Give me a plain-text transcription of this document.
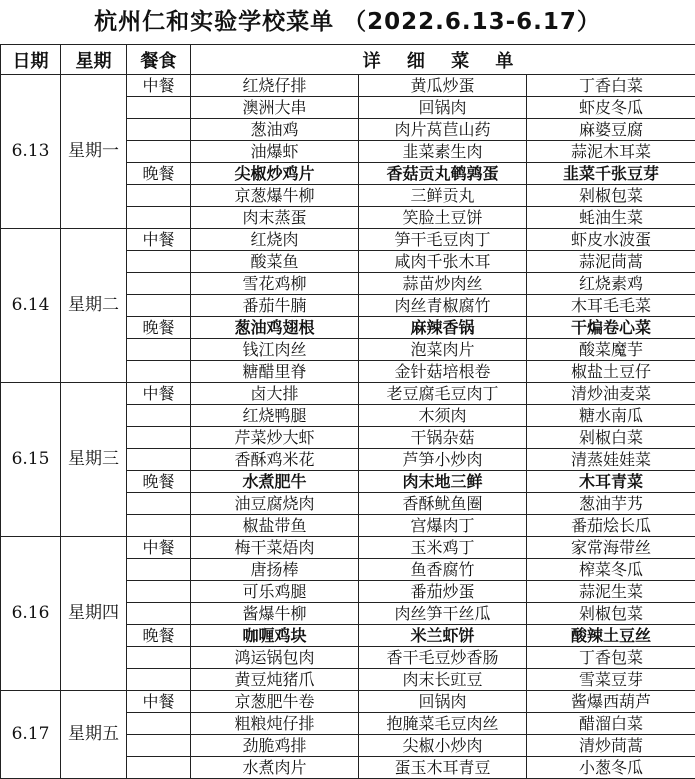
杭州仁和实验学校菜单 （2022.6.13-6.17）
日期	星期	餐食	详 细 菜 单		
6.13	星期一	中餐	红烧仔排	黄瓜炒蛋	丁香白菜
			澳洲大串	回锅肉	虾皮冬瓜
			葱油鸡	肉片莴苣山药	麻婆豆腐
			油爆虾	韭菜素生肉	蒜泥木耳菜
		晚餐	尖椒炒鸡片	香菇贡丸鹌鹑蛋	韭菜千张豆芽
			京葱爆牛柳	三鲜贡丸	剁椒包菜
			肉末蒸蛋	笑脸土豆饼	蚝油生菜
6.14	星期二	中餐	红烧肉	笋干毛豆肉丁	虾皮水波蛋
			酸菜鱼	咸肉千张木耳	蒜泥茼蒿
			雪花鸡柳	蒜苗炒肉丝	红烧素鸡
			番茄牛腩	肉丝青椒腐竹	木耳毛毛菜
		晚餐	葱油鸡翅根	麻辣香锅	干煸卷心菜
			钱江肉丝	泡菜肉片	酸菜魔芋
			糖醋里脊	金针菇培根卷	椒盐土豆仔
6.15	星期三	中餐	卤大排	老豆腐毛豆肉丁	清炒油麦菜
			红烧鸭腿	木须肉	糖水南瓜
			芹菜炒大虾	干锅杂菇	剁椒白菜
			香酥鸡米花	芦笋小炒肉	清蒸娃娃菜
		晚餐	水煮肥牛	肉末地三鲜	木耳青菜
			油豆腐烧肉	香酥鱿鱼圈	葱油芋艿
			椒盐带鱼	宫爆肉丁	番茄烩长瓜
6.16	星期四	中餐	梅干菜焐肉	玉米鸡丁	家常海带丝
			唐扬棒	鱼香腐竹	榨菜冬瓜
			可乐鸡腿	番茄炒蛋	蒜泥生菜
			酱爆牛柳	肉丝笋干丝瓜	剁椒包菜
		晚餐	咖喱鸡块	米兰虾饼	酸辣土豆丝
			鸿运锅包肉	香干毛豆炒香肠	丁香包菜
			黄豆炖猪爪	肉末长豇豆	雪菜豆芽
6.17	星期五	中餐	京葱肥牛卷	回锅肉	酱爆西葫芦
			粗粮炖仔排	抱腌菜毛豆肉丝	醋溜白菜
			劲脆鸡排	尖椒小炒肉	清炒茼蒿
			水煮肉片	蛋玉木耳青豆	小葱冬瓜
